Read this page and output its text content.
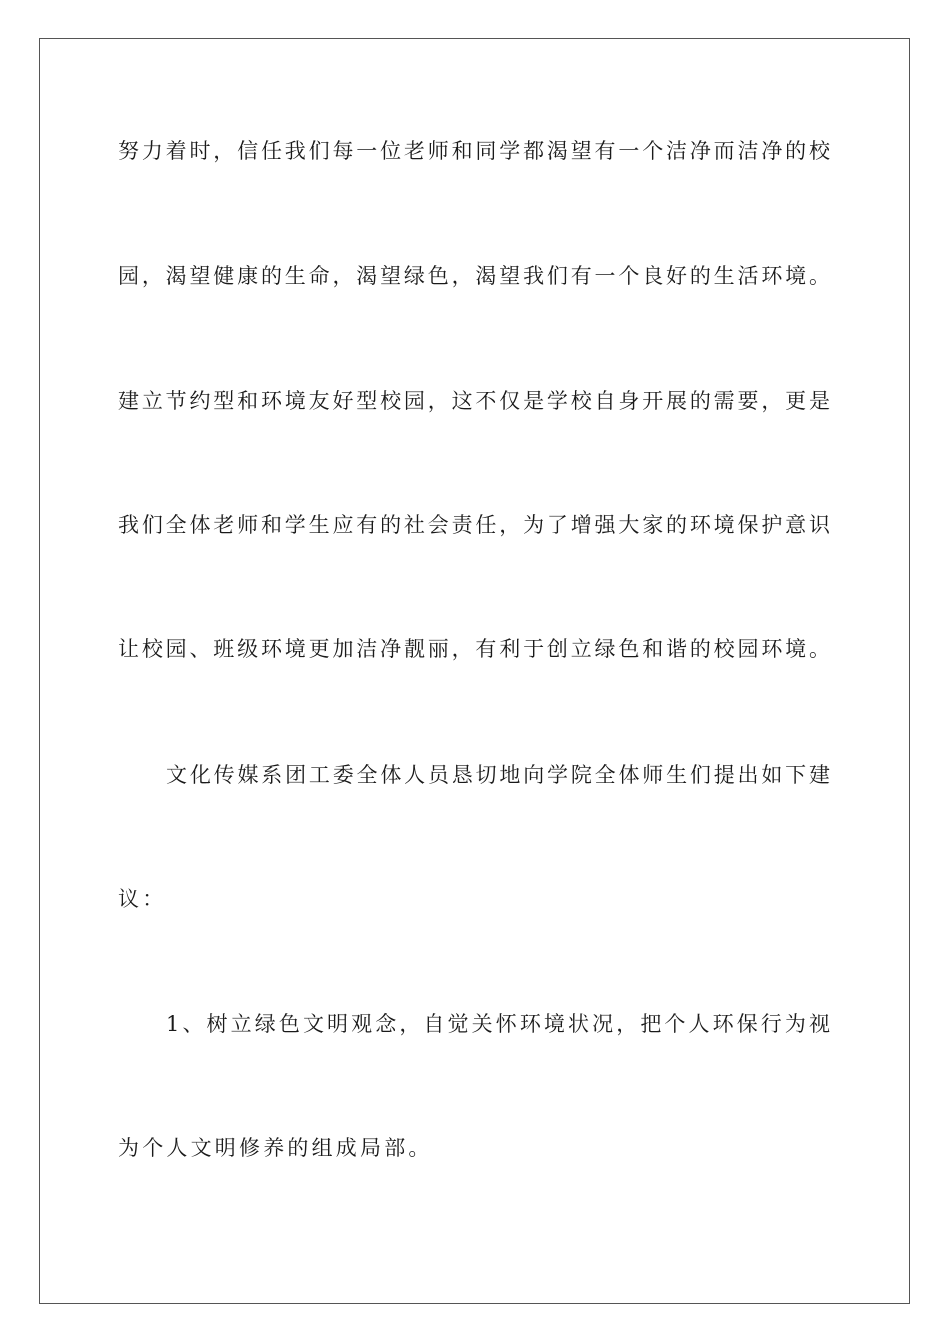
努力着时，信任我们每一位老师和同学都渴望有一个洁净而洁净的校
园，渴望健康的生命，渴望绿色，渴望我们有一个良好的生活环境。
建立节约型和环境友好型校园，这不仅是学校自身开展的需要，更是
我们全体老师和学生应有的社会责任，为了增强大家的环境保护意识
让校园、班级环境更加洁净靓丽，有利于创立绿色和谐的校园环境。
文化传媒系团工委全体人员恳切地向学院全体师生们提出如下建
议：
1、树立绿色文明观念，自觉关怀环境状况，把个人环保行为视
为个人文明修养的组成局部。
